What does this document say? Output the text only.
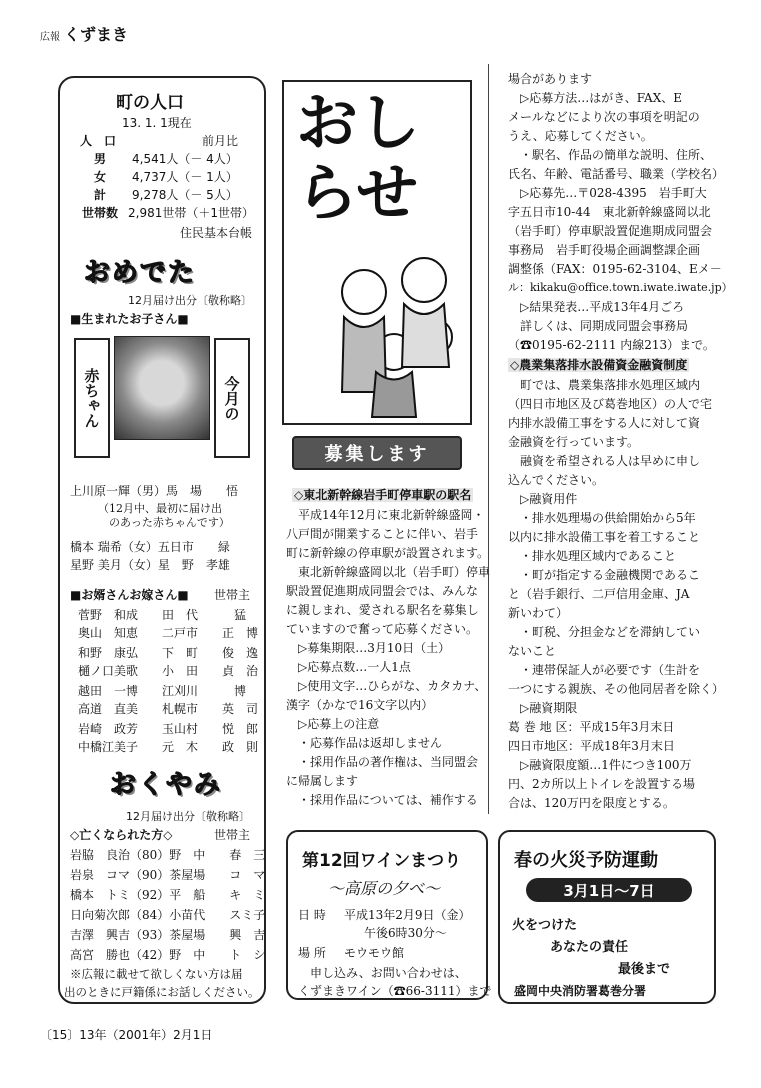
広報 くずまき
町の人口
13. 1. 1現在
人　口	前月比
男 4,541人（－ 4人）
女 4,737人（－ 1人）
計 9,278人（－ 5人）
世帯数 2,981世帯（＋1世帯）
住民基本台帳
おめでた
12月届け出分〔敬称略〕
■生まれたお子さん■
赤ちゃん	今月の
上川原一輝（男）馬　場　　悟
（12月中、最初に届け出
　のあった赤ちゃんです）
橋本 瑞希（女）五日市　　緑
星野 美月（女）星　野　孝雄
■お婿さんお嫁さん■ 世帯主
菅野　和成　　田　代　　　猛
奥山　知恵　　二戸市　　正　博
和野　康弘　　下　町　　俊　逸
樋ノ口美歌　　小　田　　貞　治
越田　一博　　江刈川　　　博
高道　直美　　札幌市　　英　司
岩崎　政芳　　玉山村　　悦　郎
中橋江美子　　元　木　　政　則
おくやみ
12月届け出分〔敬称略〕
◇亡くなられた方◇	世帯主
岩脇　良治（80）野　中　　春　三
岩泉　コマ（90）茶屋場　　コ　マ
橋本　トミ（92）平　船　　キ　ミ
日向菊次郎（84）小苗代　　スミ子
吉澤　興吉（93）茶屋場　　興　吉
高宮　勝也（42）野　中　　ト　シ
※広報に載せて欲しくない方は届
出のときに戸籍係にお話しください。
おし
らせ
募集します
◇東北新幹線岩手町停車駅の駅名
　平成14年12月に東北新幹線盛岡・
八戸間が開業することに伴い、岩手
町に新幹線の停車駅が設置されます。
　東北新幹線盛岡以北（岩手町）停車
駅設置促進期成同盟会では、みんな
に親しまれ、愛される駅名を募集し
ていますので奮って応募ください。
　▷募集期限…3月10日（土）
　▷応募点数…一人1点
　▷使用文字…ひらがな、カタカナ、
漢字（かなで16文字以内）
　▷応募上の注意
　・応募作品は返却しません
　・採用作品の著作権は、当同盟会
に帰属します
　・採用作品については、補作する
場合があります
　▷応募方法…はがき、FAX、E
メールなどにより次の事項を明記の
うえ、応募してください。
　・駅名、作品の簡単な説明、住所、
氏名、年齢、電話番号、職業（学校名）
　▷応募先…〒028-4395　岩手町大
字五日市10-44　東北新幹線盛岡以北
（岩手町）停車駅設置促進期成同盟会
事務局　岩手町役場企画調整課企画
調整係（FAX：0195-62-3104、Eメ－
ル：kikaku@office.town.iwate.iwate.jp）
　▷結果発表…平成13年4月ごろ
　詳しくは、同期成同盟会事務局
（☎0195-62-2111 内線213）まで。
◇農業集落排水設備資金融資制度
　町では、農業集落排水処理区域内
（四日市地区及び葛巻地区）の人で宅
内排水設備工事をする人に対して資
金融資を行っています。
　融資を希望される人は早めに申し
込んでください。
　▷融資用件
　・排水処理場の供給開始から5年
以内に排水設備工事を着工すること
　・排水処理区域内であること
　・町が指定する金融機関であるこ
と（岩手銀行、二戸信用金庫、JA
新いわて）
　・町税、分担金などを滞納してい
ないこと
　・連帯保証人が必要です（生計を
一つにする親族、その他同居者を除く）
　▷融資期限
葛 巻 地 区：平成15年3月末日
四日市地区：平成18年3月末日
　▷融資限度額…1件につき100万
円、2カ所以上トイレを設置する場
合は、120万円を限度とする。
第12回ワインまつり
～高原の夕べ～
日 時 平成13年2月9日（金）
午後6時30分～
場 所 モウモウ館
　申し込み、お問い合わせは、
くずまきワイン（☎66-3111）まで
春の火災予防運動
3月1日～7日
火をつけた
あなたの責任
最後まで
盛岡中央消防署葛巻分署
〔15〕13年（2001年）2月1日
